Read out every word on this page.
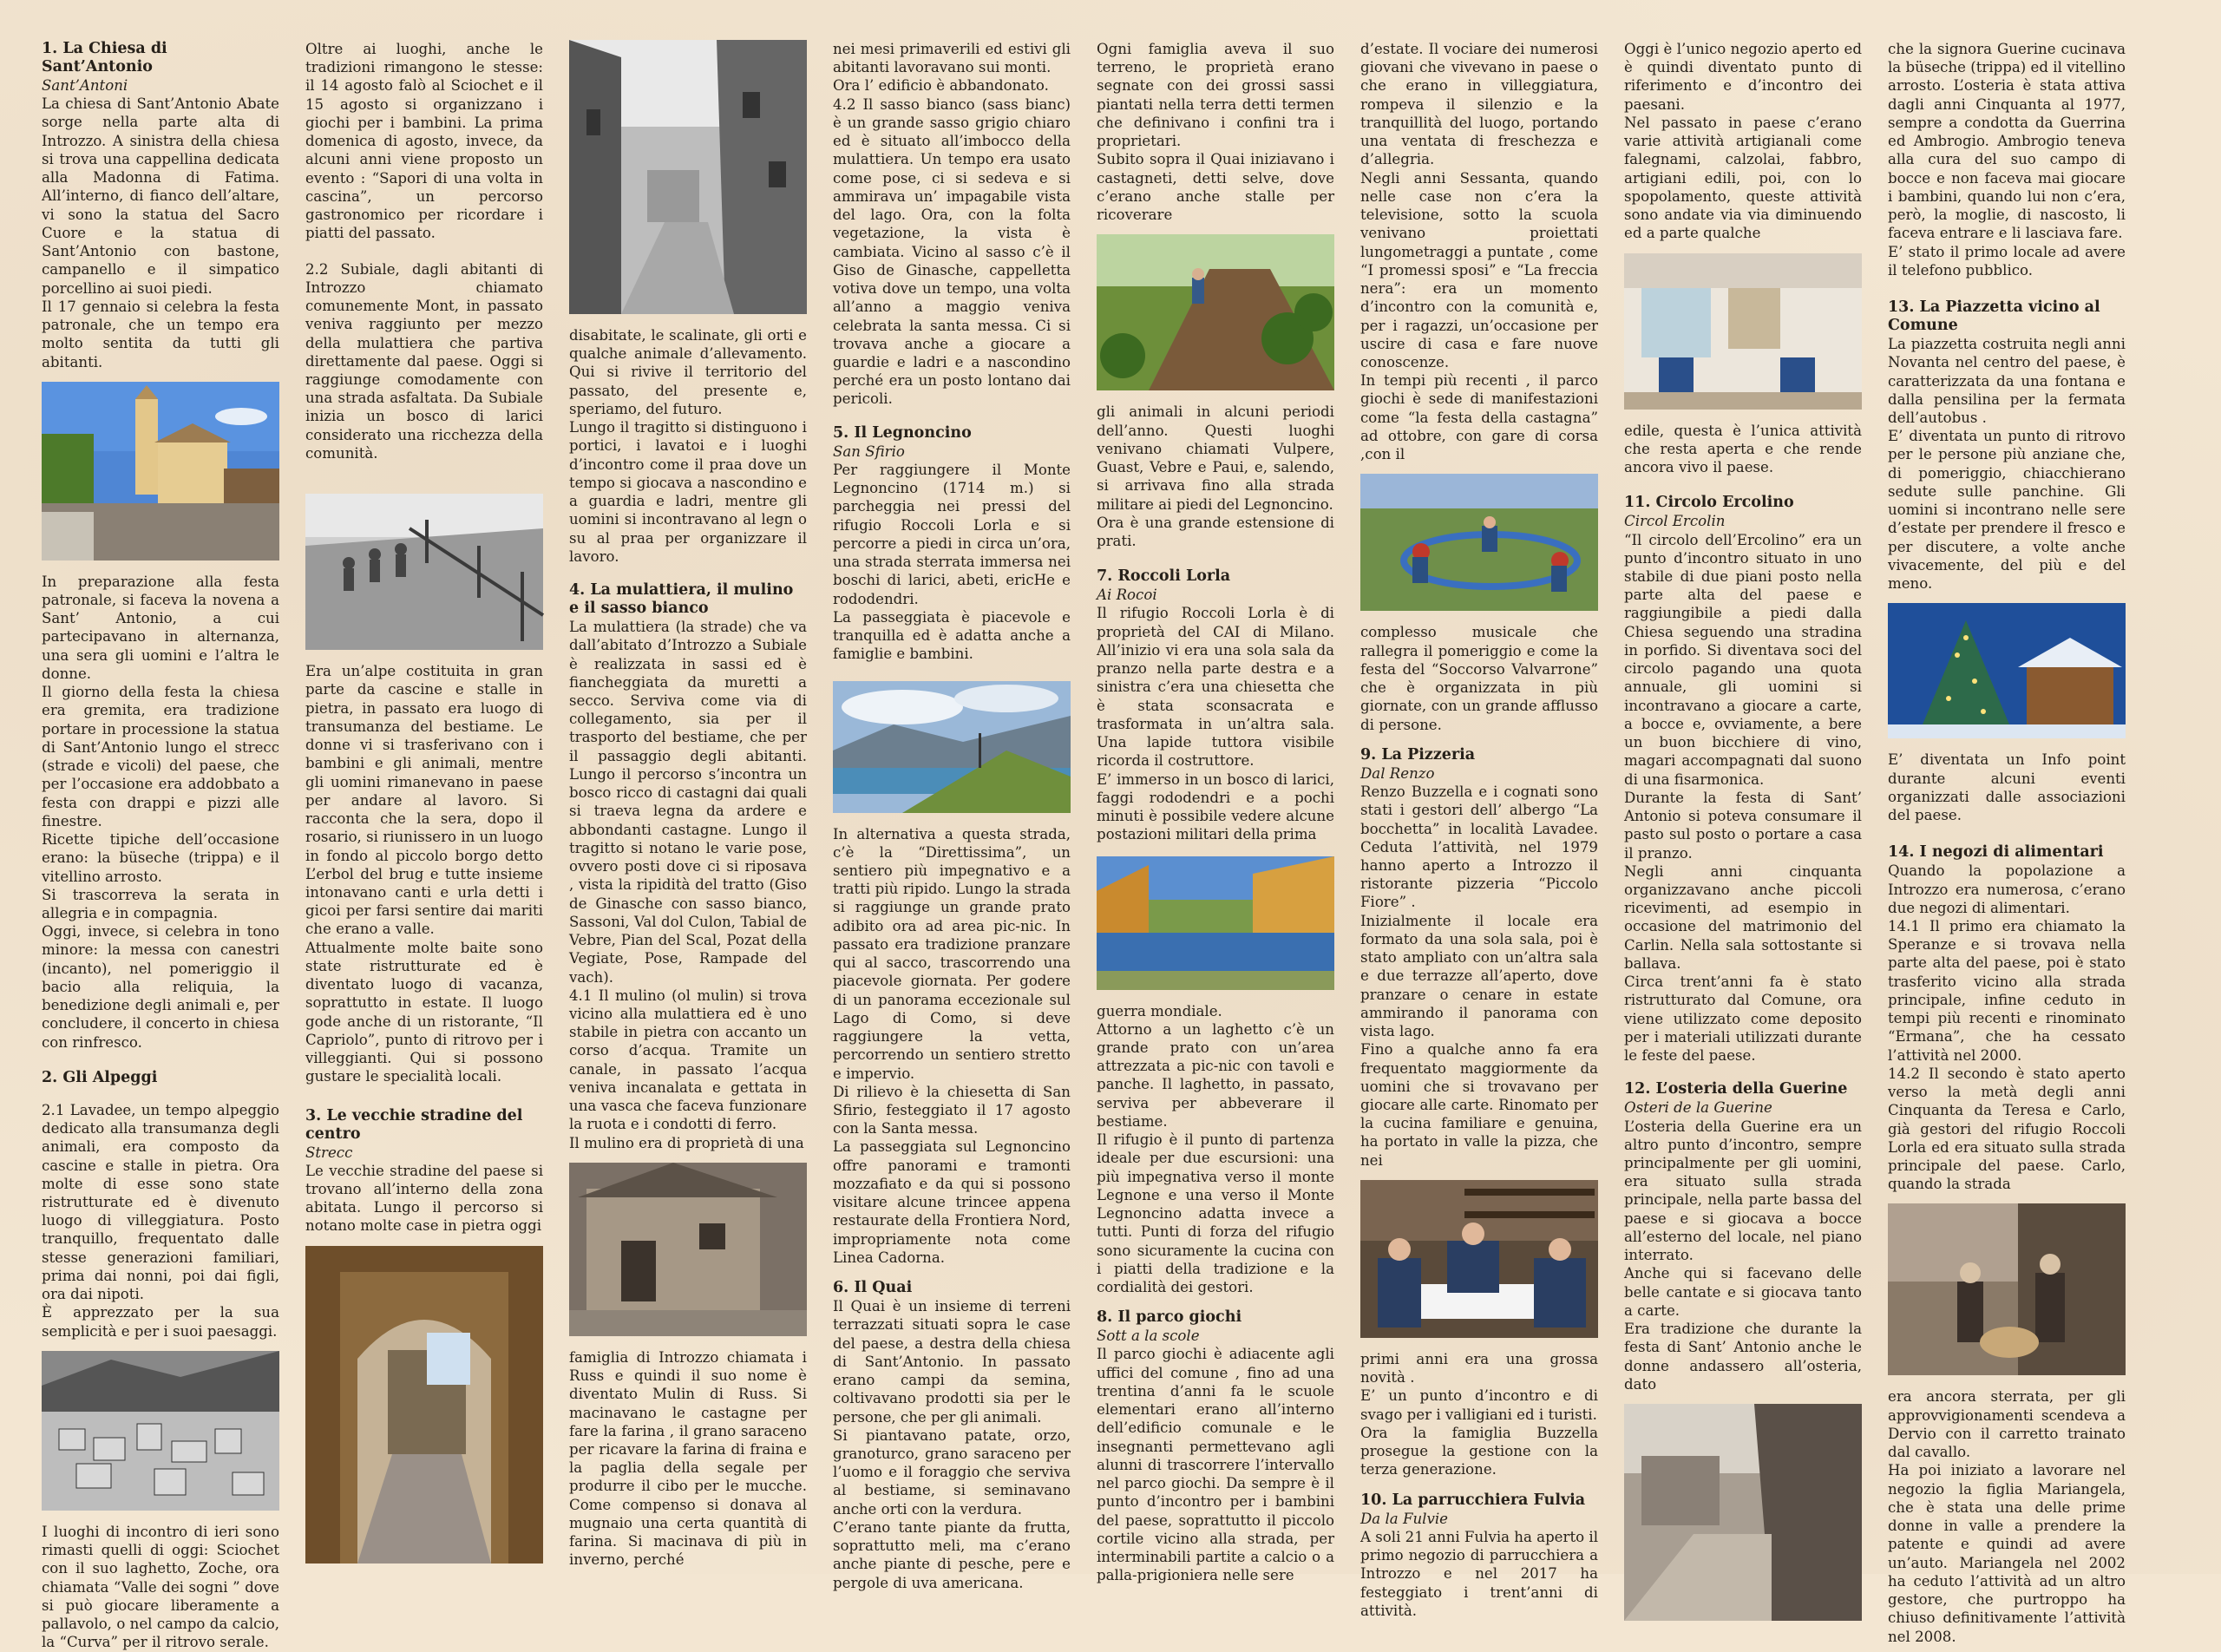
1. La Chiesa di Sant’Antonio

Sant’Antoni

La chiesa di Sant’Antonio Abate sorge nella parte alta di Introzzo. A sinistra della chiesa si trova una cappellina dedicata alla Madonna di Fatima. All’interno, di fianco dell’altare, vi sono la statua del Sacro Cuore e la statua di Sant’Antonio con bastone, campanello e il simpatico porcellino ai suoi piedi.

Il 17 gennaio si celebra la festa patronale, che un tempo era molto sentita da tutti gli abitanti.

In preparazione alla festa patronale, si faceva la novena a Sant’ Antonio, a cui partecipavano in alternanza, una sera gli uomini e l’altra le donne.

Il giorno della festa la chiesa era gremita, era tradizione portare in processione la statua di Sant’Antonio lungo el strecc (strade e vicoli) del paese, che per l’occasione era addobbato a festa con drappi e pizzi alle finestre.

Ricette tipiche dell’occasione erano: la büseche (trippa) e il vitellino arrosto.

Si trascorreva la serata in allegria e in compagnia.

Oggi, invece, si celebra in tono minore: la messa con canestri (incanto), nel pomeriggio il bacio alla reliquia, la benedizione degli animali e, per concludere, il concerto in chiesa con rinfresco.

2. Gli Alpeggi

2.1 Lavadee, un tempo alpeggio dedicato alla transumanza degli animali, era composto da cascine e stalle in pietra. Ora molte di esse sono state ristrutturate ed è divenuto luogo di villeggiatura. Posto tranquillo, frequentato dalle stesse generazioni familiari, prima dai nonni, poi dai figli, ora dai nipoti.

È apprezzato per la sua semplicità e per i suoi paesaggi.

I luoghi di incontro di ieri sono rimasti quelli di oggi: Sciochet con il suo laghetto, Zoche, ora chiamata “Valle dei sogni ” dove si può giocare liberamente a pallavolo, o nel campo da calcio, la “Curva” per il ritrovo serale.

Oltre ai luoghi, anche le tradizioni rimangono le stesse: il 14 agosto falò al Sciochet e il 15 agosto si organizzano i giochi per i bambini. La prima domenica di agosto, invece, da alcuni anni viene proposto un evento : “Sapori di una volta in cascina”, un percorso gastronomico per ricordare i piatti del passato.

2.2 Subiale, dagli abitanti di Introzzo chiamato comunemente Mont, in passato veniva raggiunto per mezzo della mulattiera che partiva direttamente dal paese. Oggi si raggiunge comodamente con una strada asfaltata. Da Subiale inizia un bosco di larici considerato una ricchezza della comunità.

Era un’alpe costituita in gran parte da cascine e stalle in pietra, in passato era luogo di transumanza del bestiame. Le donne vi si trasferivano con i bambini e gli animali, mentre gli uomini rimanevano in paese per andare al lavoro. Si racconta che la sera, dopo il rosario, si riunissero in un luogo in fondo al piccolo borgo detto L’erbol del brug e tutte insieme intonavano canti e urla detti i gicoi per farsi sentire dai mariti che erano a valle.

Attualmente molte baite sono state ristrutturate ed è diventato luogo di vacanza, soprattutto in estate. Il luogo gode anche di un ristorante, “Il Capriolo”, punto di ritrovo per i villeggianti. Qui si possono gustare le specialità locali.

3. Le vecchie stradine del centro

Strecc

Le vecchie stradine del paese si trovano all’interno della zona abitata. Lungo il percorso si notano molte case in pietra oggi

disabitate, le scalinate, gli orti e qualche animale d’allevamento. Qui si rivive il territorio del passato, del presente e, speriamo, del futuro.

Lungo il tragitto si distinguono i portici, i lavatoi e i luoghi d’incontro come il praa dove un tempo si giocava a nascondino e a guardia e ladri, mentre gli uomini si incontravano al legn o su al praa per organizzare il lavoro.

4. La mulattiera, il mulino e il sasso bianco

La mulattiera (la strade) che va dall’abitato d’Introzzo a Subiale è realizzata in sassi ed è fiancheggiata da muretti a secco. Serviva come via di collegamento, sia per il trasporto del bestiame, che per il passaggio degli abitanti. Lungo il percorso s’incontra un bosco ricco di castagni dai quali si traeva legna da ardere e abbondanti castagne. Lungo il tragitto si notano le varie pose, ovvero posti dove ci si riposava , vista la ripidità del tratto (Giso de Ginasche con sasso bianco, Sassoni, Val dol Culon, Tabial de Vebre, Pian del Scal, Pozat della Vegiate, Pose, Rampade del vach).

4.1 Il mulino (ol mulin) si trova vicino alla mulattiera ed è uno stabile in pietra con accanto un corso d’acqua. Tramite un canale, in passato l’acqua veniva incanalata e gettata in una vasca che faceva funzionare la ruota e i condotti di ferro.

Il mulino era di proprietà di una

famiglia di Introzzo chiamata i Russ e quindi il suo nome è diventato Mulin di Russ. Si macinavano le castagne per fare la farina , il grano saraceno per ricavare la farina di fraina e la paglia della segale per produrre il cibo per le mucche. Come compenso si donava al mugnaio una certa quantità di farina. Si macinava di più in inverno, perché

nei mesi primaverili ed estivi gli abitanti lavoravano sui monti.

Ora l’ edificio è abbandonato.

4.2 Il sasso bianco (sass bianc) è un grande sasso grigio chiaro ed è situato all’imbocco della mulattiera. Un tempo era usato come pose, ci si sedeva e si ammirava un’ impagabile vista del lago. Ora, con la folta vegetazione, la vista è cambiata. Vicino al sasso c’è il Giso de Ginasche, cappelletta votiva dove un tempo, una volta all’anno a maggio veniva celebrata la santa messa. Ci si trovava anche a giocare a guardie e ladri e a nascondino perché era un posto lontano dai pericoli.

5. Il Legnoncino

San Sfirio

Per raggiungere il Monte Legnoncino (1714 m.) si parcheggia nei pressi del rifugio Roccoli Lorla e si percorre a piedi in circa un’ora, una strada sterrata immersa nei boschi di larici, abeti, ericHe e rododendri.

La passeggiata è piacevole e tranquilla ed è adatta anche a famiglie e bambini.

In alternativa a questa strada, c’è la “Direttissima”, un sentiero più impegnativo e a tratti più ripido. Lungo la strada si raggiunge un grande prato adibito ora ad area pic-nic. In passato era tradizione pranzare qui al sacco, trascorrendo una piacevole giornata. Per godere di un panorama eccezionale sul Lago di Como, si deve raggiungere la vetta, percorrendo un sentiero stretto e impervio.

Di rilievo è la chiesetta di San Sfirio, festeggiato il 17 agosto con la Santa messa.

La passeggiata sul Legnoncino offre panorami e tramonti mozzafiato e da qui si possono visitare alcune trincee appena restaurate della Frontiera Nord, impropriamente nota come Linea Cadorna.

6. Il Quai

Il Quai è un insieme di terreni terrazzati situati sopra le case del paese, a destra della chiesa di Sant’Antonio. In passato erano campi da semina, coltivavano prodotti sia per le persone, che per gli animali.

Si piantavano patate, orzo, granoturco, grano saraceno per l’uomo e il foraggio che serviva al bestiame, si seminavano anche orti con la verdura.

C’erano tante piante da frutta, soprattutto meli, ma c’erano anche piante di pesche, pere e pergole di uva americana.

Ogni famiglia aveva il suo terreno, le proprietà erano segnate con dei grossi sassi piantati nella terra detti termen che definivano i confini tra i proprietari.

Subito sopra il Quai iniziavano i castagneti, detti selve, dove c’erano anche stalle per ricoverare

gli animali in alcuni periodi dell’anno. Questi luoghi venivano chiamati Vulpere, Guast, Vebre e Paui, e, salendo, si arrivava fino alla strada militare ai piedi del Legnoncino.

Ora è una grande estensione di prati.

7. Roccoli Lorla

Ai Rocoi

Il rifugio Roccoli Lorla è di proprietà del CAI di Milano. All’inizio vi era una sola sala da pranzo nella parte destra e a sinistra c’era una chiesetta che è stata sconsacrata e trasformata in un’altra sala. Una lapide tuttora visibile ricorda il costruttore.

E’ immerso in un bosco di larici, faggi rododendri e a pochi minuti è possibile vedere alcune postazioni militari della prima

guerra mondiale.

Attorno a un laghetto c’è un grande prato con un’area attrezzata a pic-nic con tavoli e panche. Il laghetto, in passato, serviva per abbeverare il bestiame.

Il rifugio è il punto di partenza ideale per due escursioni: una più impegnativa verso il monte Legnone e una verso il Monte Legnoncino adatta invece a tutti. Punti di forza del rifugio sono sicuramente la cucina con i piatti della tradizione e la cordialità dei gestori.

8. Il parco giochi

Sott a la scole

Il parco giochi è adiacente agli uffici del comune , fino ad una trentina d’anni fa le scuole elementari erano all’interno dell’edificio comunale e le insegnanti permettevano agli alunni di trascorrere l’intervallo nel parco giochi. Da sempre è il punto d’incontro per i bambini del paese, soprattutto il piccolo cortile vicino alla strada, per interminabili partite a calcio o a palla-prigioniera nelle sere

d’estate. Il vociare dei numerosi giovani che vivevano in paese o che erano in villeggiatura, rompeva il silenzio e la tranquillità del luogo, portando una ventata di freschezza e d’allegria.

Negli anni Sessanta, quando nelle case non c’era la televisione, sotto la scuola venivano proiettati lungometraggi a puntate , come “I promessi sposi” e “La freccia nera”: era un momento d’incontro con la comunità e, per i ragazzi, un’occasione per uscire di casa e fare nuove conoscenze.

In tempi più recenti , il parco giochi è sede di manifestazioni come “la festa della castagna” ad ottobre, con gare di corsa ,con il

complesso musicale che rallegra il pomeriggio e come la festa del “Soccorso Valvarrone” che è organizzata in più giornate, con un grande afflusso di persone.

9. La Pizzeria

Dal Renzo

Renzo Buzzella e i cognati sono stati i gestori dell’ albergo “La bocchetta” in località Lavadee. Ceduta l’attività, nel 1979 hanno aperto a Introzzo il ristorante pizzeria “Piccolo Fiore” .

Inizialmente il locale era formato da una sola sala, poi è stato ampliato con un’altra sala e due terrazze all’aperto, dove pranzare o cenare in estate ammirando il panorama con vista lago.

Fino a qualche anno fa era frequentato maggiormente da uomini che si trovavano per giocare alle carte. Rinomato per la cucina familiare e genuina, ha portato in valle la pizza, che nei

primi anni era una grossa novità .

E’ un punto d’incontro e di svago per i valligiani ed i turisti.

Ora la famiglia Buzzella prosegue la gestione con la terza generazione.

10. La parrucchiera Fulvia

Da la Fulvie

A soli 21 anni Fulvia ha aperto il primo negozio di parrucchiera a Introzzo e nel 2017 ha festeggiato i trent’anni di attività.

Oggi è l’unico negozio aperto ed è quindi diventato punto di riferimento e d’incontro dei paesani.

Nel passato in paese c’erano varie attività artigianali come falegnami, calzolai, fabbro, artigiani edili, poi, con lo spopolamento, queste attività sono andate via via diminuendo ed a parte qualche

edile, questa è l’unica attività che resta aperta e che rende ancora vivo il paese.

11. Circolo Ercolino

Circol Ercolin

“Il circolo dell’Ercolino” era un punto d’incontro situato in uno stabile di due piani posto nella parte alta del paese e raggiungibile a piedi dalla Chiesa seguendo una stradina in porfido. Si diventava soci del circolo pagando una quota annuale, gli uomini si incontravano a giocare a carte, a bocce e, ovviamente, a bere un buon bicchiere di vino, magari accompagnati dal suono di una fisarmonica.

Durante la festa di Sant’ Antonio si poteva consumare il pasto sul posto o portare a casa il pranzo.

Negli anni cinquanta organizzavano anche piccoli ricevimenti, ad esempio in occasione del matrimonio del Carlin. Nella sala sottostante si ballava.

Circa trent’anni fa è stato ristrutturato dal Comune, ora viene utilizzato come deposito per i materiali utilizzati durante le feste del paese.

12. L’osteria della Guerine

Osteri de la Guerine

L’osteria della Guerine era un altro punto d’incontro, sempre principalmente per gli uomini, era situato sulla strada principale, nella parte bassa del paese e si giocava a bocce all’esterno del locale, nel piano interrato.

Anche qui si facevano delle belle cantate e si giocava tanto a carte.

Era tradizione che durante la festa di Sant’ Antonio anche le donne andassero all’osteria, dato

che la signora Guerine cucinava la büseche (trippa) ed il vitellino arrosto. L’osteria è stata attiva dagli anni Cinquanta al 1977, sempre a condotta da Guerrina ed Ambrogio. Ambrogio teneva alla cura del suo campo di bocce e non faceva mai giocare i bambini, quando lui non c’era, però, la moglie, di nascosto, li faceva entrare e li lasciava fare.

E’ stato il primo locale ad avere il telefono pubblico.

13. La Piazzetta vicino al Comune

La piazzetta costruita negli anni Novanta nel centro del paese, è caratterizzata da una fontana e dalla pensilina per la fermata dell’autobus .

E’ diventata un punto di ritrovo per le persone più anziane che, di pomeriggio, chiacchierano sedute sulle panchine. Gli uomini si incontrano nelle sere d’estate per prendere il fresco e per discutere, a volte anche vivacemente, del più e del meno.

E’ diventata un Info point durante alcuni eventi organizzati dalle associazioni del paese.

14. I negozi di alimentari

Quando la popolazione a Introzzo era numerosa, c’erano due negozi di alimentari.

14.1 Il primo era chiamato la Speranze e si trovava nella parte alta del paese, poi è stato trasferito vicino alla strada principale, infine ceduto in tempi più recenti e rinominato “Ermana”, che ha cessato l’attività nel 2000.

14.2 Il secondo è stato aperto verso la metà degli anni Cinquanta da Teresa e Carlo, già gestori del rifugio Roccoli Lorla ed era situato sulla strada principale del paese. Carlo, quando la strada

era ancora sterrata, per gli approvvigionamenti scendeva a Dervio con il carretto trainato dal cavallo.

Ha poi iniziato a lavorare nel negozio la figlia Mariangela, che è stata una delle prime donne in valle a prendere la patente e quindi ad avere un’auto. Mariangela nel 2002 ha ceduto l’attività ad un altro gestore, che purtroppo ha chiuso definitivamente l’attività nel 2008.
